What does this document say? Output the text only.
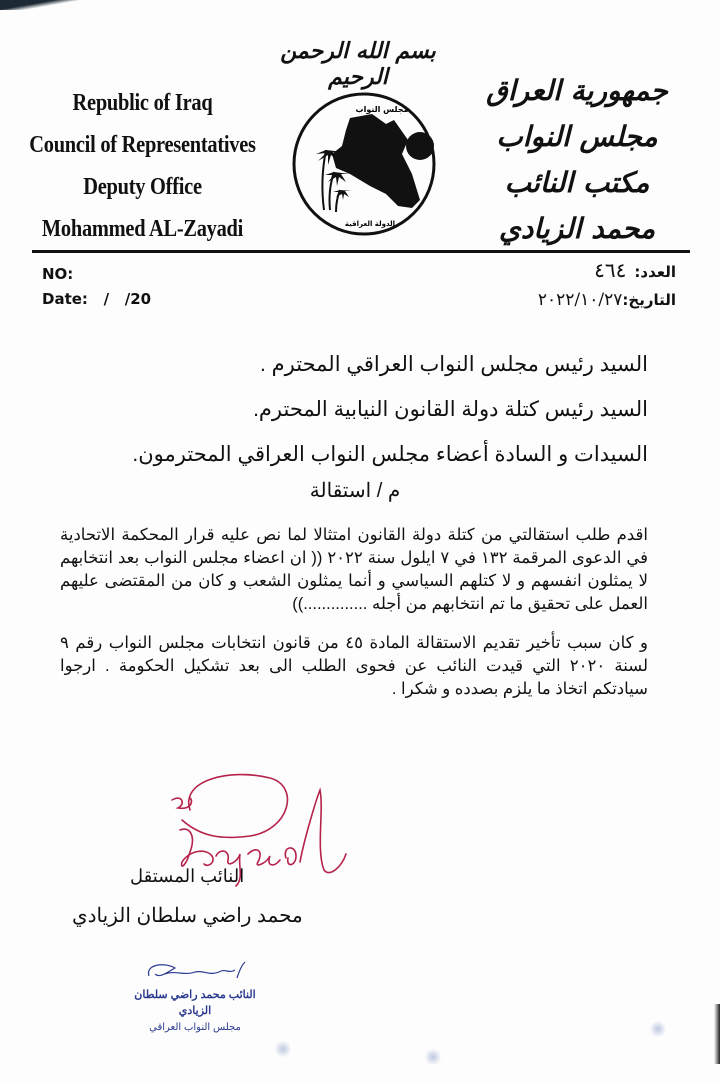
Republic of Iraq
Council of Representatives
Deputy Office
Mohammed AL-Zayadi
بسم الله الرحمن الرحيم
مجلس النواب
الدولة العراقية
جمهورية العراق
مجلس النواب
مكتب النائب
محمد الزيادي
NO:
Date:   /   /20
العدد:٤٦٤
التاريخ:٢٠٢٢/١٠/٢٧
السيد رئيس مجلس النواب العراقي المحترم .
السيد رئيس كتلة دولة القانون النيابية المحترم.
السيدات و السادة أعضاء مجلس النواب العراقي المحترمون.
م / استقالة
اقدم طلب استقالتي من كتلة دولة القانون امتثالا لما نص عليه قرار المحكمة الاتحادية في الدعوى المرقمة ١٣٢ في ٧ ايلول سنة ٢٠٢٢ (( ان اعضاء مجلس النواب بعد انتخابهم لا يمثلون انفسهم و لا كتلهم السياسي و أنما يمثلون الشعب و كان من المقتضى عليهم العمل على تحقيق ما تم انتخابهم من أجله ..............))
و كان سبب تأخير تقديم الاستقالة المادة ٤٥ من قانون انتخابات مجلس النواب رقم ٩ لسنة ٢٠٢٠ التي قيدت النائب عن فحوى الطلب الى بعد تشكيل الحكومة . ارجوا سيادتكم اتخاذ ما يلزم بصدده و شكرا .
النائب المستقل
محمد راضي سلطان الزيادي
النائب محمد راضي سلطان الزيادي
مجلس النواب العراقي
